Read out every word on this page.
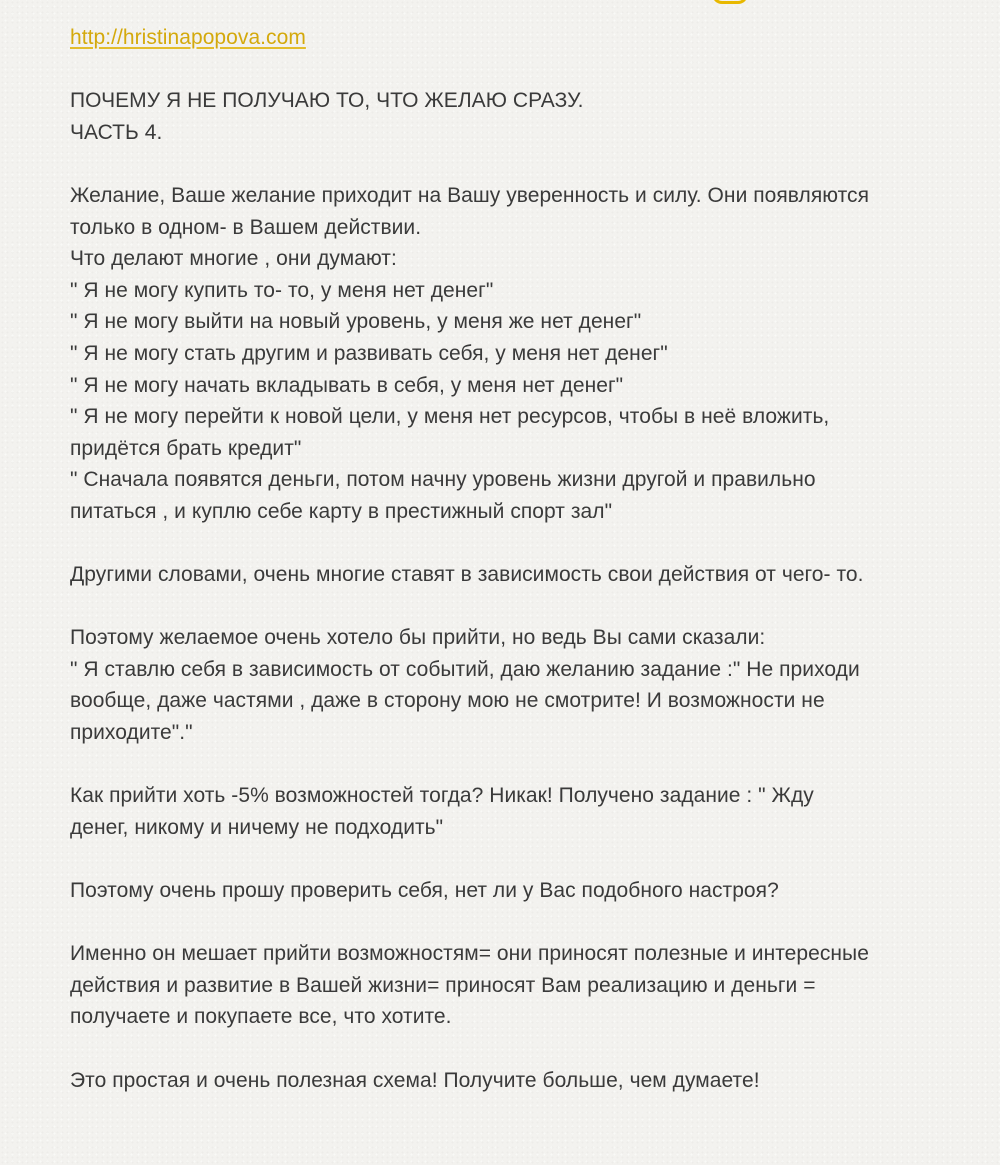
http://hristinapopova.com

ПОЧЕМУ Я НЕ ПОЛУЧАЮ ТО, ЧТО ЖЕЛАЮ СРАЗУ.

ЧАСТЬ 4.

Желание, Ваше желание приходит на Вашу уверенность и силу. Они появляются

только в одном- в Вашем действии.

Что делают многие , они думают:

" Я не могу купить то- то, у меня нет денег"

" Я не могу выйти на новый уровень, у меня же нет денег"

" Я не могу стать другим и развивать себя, у меня нет денег"

" Я не могу начать вкладывать в себя, у меня нет денег"

" Я не могу перейти к новой цели, у меня нет ресурсов, чтобы в неё вложить,

придётся брать кредит"

" Сначала появятся деньги, потом начну уровень жизни другой и правильно

питаться , и куплю себе карту в престижный спорт зал"

Другими словами, очень многие ставят в зависимость свои действия от чего- то.

Поэтому желаемое очень хотело бы прийти, но ведь Вы сами сказали:

" Я ставлю себя в зависимость от событий, даю желанию задание :" Не приходи

вообще, даже частями , даже в сторону мою не смотрите! И возможности не

приходите"."

Как прийти хоть -5% возможностей тогда? Никак! Получено задание : " Жду

денег, никому и ничему не подходить"

Поэтому очень прошу проверить себя, нет ли у Вас подобного настроя?

Именно он мешает прийти возможностям= они приносят полезные и интересные

действия и развитие в Вашей жизни= приносят Вам реализацию и деньги =

получаете и покупаете все, что хотите.

Это простая и очень полезная схема! Получите больше, чем думаете!
